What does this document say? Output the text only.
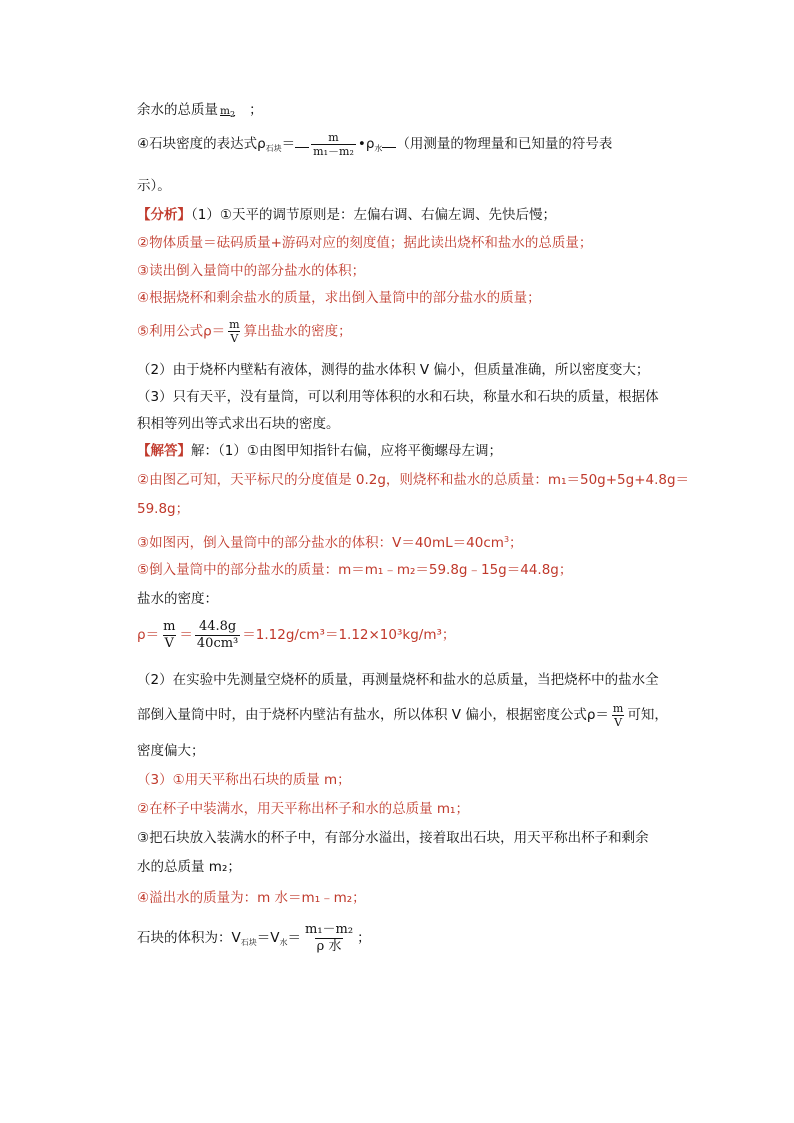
余水的总质量 $m_2$ ；
④石块密度的表达式$\rho_{石块}= \frac{m}{\text{m₁－m₂}}$ $•\rho_水$ （用测量的物理量和已知量的符号表
示）。
【分析】（1）①天平的调节原则是：左偏右调、右偏左调、先快后慢；
②物体质量＝砝码质量+游码对应的刻度值；据此读出烧杯和盐水的总质量；
③读出倒入量筒中的部分盐水的体积；
④根据烧杯和剩余盐水的质量，求出倒入量筒中的部分盐水的质量；
⑤利用公式$\rho= \frac{m}{V}$ 算出盐水的密度；
（2）由于烧杯内壁粘有液体，测得的盐水体积 V 偏小，但质量准确，所以密度变大；
（3）只有天平，没有量筒，可以利用等体积的水和石块，称量水和石块的质量，根据体
积相等列出等式求出石块的密度。
【解答】解：（1）①由图甲知指针右偏，应将平衡螺母左调；
②由图乙可知，天平标尺的分度值是 0.2g，则烧杯和盐水的总质量：m₁＝50g+5g+4.8g＝
59.8g；
③如图丙，倒入量筒中的部分盐水的体积：$V=40mL=40cm^3$；
⑤倒入量筒中的部分盐水的质量：m＝m₁﹣m₂＝59.8g﹣15g＝44.8g；
盐水的密度：
$\rho= \frac{m}{V} = \frac{44.8g}{\text{40cm³}} =1.12g/cm^3=1.12\times 10^3kg/m^3$；
（2）在实验中先测量空烧杯的质量，再测量烧杯和盐水的总质量，当把烧杯中的盐水全
部倒入量筒中时，由于烧杯内壁沾有盐水，所以体积 V 偏小，根据密度公式$\rho= \frac{m}{V}$ 可知，
密度偏大；
（3）①用天平称出石块的质量 m；
②在杯子中装满水，用天平称出杯子和水的总质量 m₁；
③把石块放入装满水的杯子中，有部分水溢出，接着取出石块，用天平称出杯子和剩余
水的总质量 m₂；
④溢出水的质量为：m 水＝m₁﹣m₂；
石块的体积为：$V_{石块}=V_水= \frac{\text{m₁－m₂}}{\text{ρ 水}}$ ；
